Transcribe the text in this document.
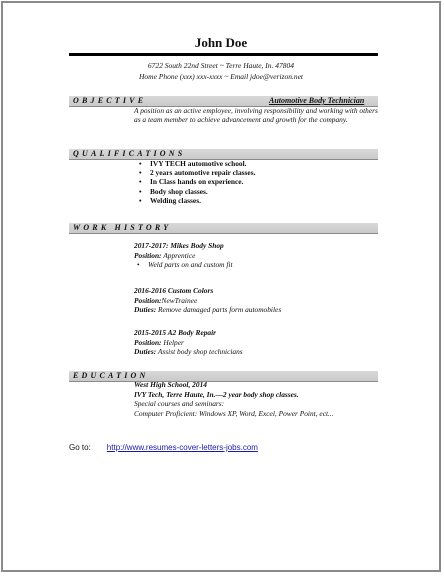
John Doe
6722 South 22nd Street ~ Terre Haute, In. 47804
Home Phone (xxx) xxx-xxxx ~ Email jdoe@verizon.net
OBJECTIVE	Automotive Body Technician
A position as an active employee, involving responsibility and working with others as a team member to achieve advancement and growth for the company.
QUALIFICATIONS
• IVY TECH automotive school.
• 2 years automotive repair classes.
• In Class hands on experience.
• Body shop classes.
• Welding classes.
WORK HISTORY
2017-2017: Mikes Body Shop
Position: Apprentice
• Weld parts on and custom fit
2016-2016 Custom Colors
Position:NewTrainee
Duties: Remove damaged parts form automobiles
2015-2015 A2 Body Repair
Position: Helper
Duties: Assist body shop technicians
EDUCATION
West High School, 2014
IVY Tech, Terre Haute, In.—2 year body shop classes.
Special courses and seminars:
Computer Proficient: Windows XP, Word, Excel, Power Point, ect...
Go to: http://www.resumes-cover-letters-jobs.com
